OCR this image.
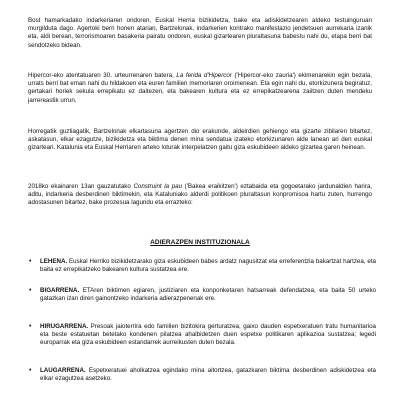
Bost hamarkadako indarkeriaren ondoren, Euskal Herria bizikidetza, bake eta adiskidetzearen aldeko testuinguruan murgilduta dago. Agertoki berri honen atarian, Bartzelonak, indarkerien kontrako manifestazio jendetsuen aurrekaria izanik eta, aldi berean, terrorismoaren basakeria pairatu ondoren, euskal gizartearen pluraltasuna babestu nahi du, etapa berri bat sendotzeko bidean.
Hipercor-eko atentatuaren 30. urteurrenaren batera, La ferida d'Hipercor ('Hipercor-eko zauria') ekimenarekin egin bezala, urrats berri bat eman nahi du hildakoen eta euren familien memoriaren oroimenean. Eta egin nahi du, etorkizunera begiratuz, gertakari horiek sekula errepikatu ez daitezen, eta bakearen kultura eta ez errepikatzearena zaiitzen duten mendeku jarrereastik urrun.
Horregatik guztiagatik, Bartzelonak elkartasuna agertzen dio erakunde, aldeirdien gehiengo eta gizarte zibilaren bitartez, askatasun, elkar ezagutze, bizikidetza eta biktima denen mina sendatua izateko etorkizunaren alde lanean ari den euskal gizarteari. Katalunia eta Euskal Herriaren arteko loturak interpelatzen gaitu giza eskubideen aldeko gizartea garen heinean.
2018ko ekainaren 13an gauzatutako Construint la pau ('Bakea eraikitzen') eztabaida eta gogoetarako jardunaldien harira, aditu, indarkeria desberdinen biktimekin, eta Kataluniako alderdi politikoen pluraltasun konpromisoa hartu zuten, hurrengo adostasunen bitartez, bake prozesua lagundu eta errazteko:
ADIERAZPEN INSTITUZIONALA
• LEHENA. Euskal Herriko bizikidetzarako giza eskubideen babes ardatz nagusitzat eta erreferentzia bakartzat hartzea, eta baita ez errepikatzeko bakearen kultura sustatzea ere.
• BIGARRENA. ETAren biktimen egiaren, justiziaren eta konponketaren hatsarreak defendatzea, eta baita 50 urteko gatazkan izan diren gainontzeko indarkeria adierazpenenak ere.
• HIRUGARRENA. Presoak jaioterrira edo familien bizitokira gerturatzea, gaixo dauden espetxeratuen tratu humanitarioa eta beste estatuetan betetako kondenen pilatzea ahalbidetzen duen espetxe politikaren aplikazioa sustatzea; legedi europarrak eta giza eskubideen estandarrek aurreikusten duten bezala.
• LAUGARRENA. Espetxeratuei aholkatzea egindako mina aitortzea, gatazkaren biktima desberdinen adiskidetzea eta elkar ezagutzea asetzeko.
